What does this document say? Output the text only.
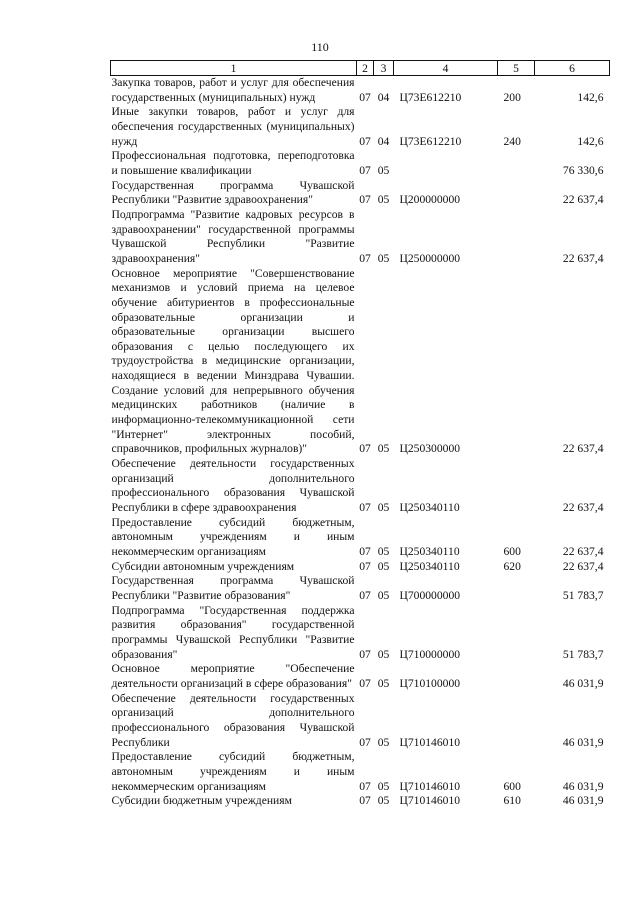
110
1	2	3	4	5	6
Закупка товаров, работ и услуг для обеспечения государственных (муниципальных) нужд	07	04	Ц73Е612210	200	142,6
Иные закупки товаров, работ и услуг для обеспечения государственных (муниципальных) нужд	07	04	Ц73Е612210	240	142,6
Профессиональная подготовка, переподготовка и повышение квалификации	07	05			76 330,6
Государственная программа Чувашской Республики "Развитие здравоохранения"	07	05	Ц200000000		22 637,4
Подпрограмма "Развитие кадровых ресурсов в здравоохранении" государственной программы Чувашской Республики "Развитие здравоохранения"	07	05	Ц250000000		22 637,4
Основное мероприятие "Совершенствование механизмов и условий приема на целевое обучение абитуриентов в профессиональные образовательные организации и образовательные организации высшего образования с целью последующего их трудоустройства в медицинские организации, находящиеся в ведении Минздрава Чувашии. Создание условий для непрерывного обучения медицинских работников (наличие в информационно-телекоммуникационной сети "Интернет" электронных пособий, справочников, профильных журналов)"	07	05	Ц250300000		22 637,4
Обеспечение деятельности государственных организаций дополнительного профессионального образования Чувашской Республики в сфере здравоохранения	07	05	Ц250340110		22 637,4
Предоставление субсидий бюджетным, автономным учреждениям и иным некоммерческим организациям	07	05	Ц250340110	600	22 637,4
Субсидии автономным учреждениям	07	05	Ц250340110	620	22 637,4
Государственная программа Чувашской Республики "Развитие образования"	07	05	Ц700000000		51 783,7
Подпрограмма "Государственная поддержка развития образования" государственной программы Чувашской Республики "Развитие образования"	07	05	Ц710000000		51 783,7
Основное мероприятие "Обеспечение деятельности организаций в сфере образования"	07	05	Ц710100000		46 031,9
Обеспечение деятельности государственных организаций дополнительного профессионального образования Чувашской Республики	07	05	Ц710146010		46 031,9
Предоставление субсидий бюджетным, автономным учреждениям и иным некоммерческим организациям	07	05	Ц710146010	600	46 031,9
Субсидии бюджетным учреждениям	07	05	Ц710146010	610	46 031,9
